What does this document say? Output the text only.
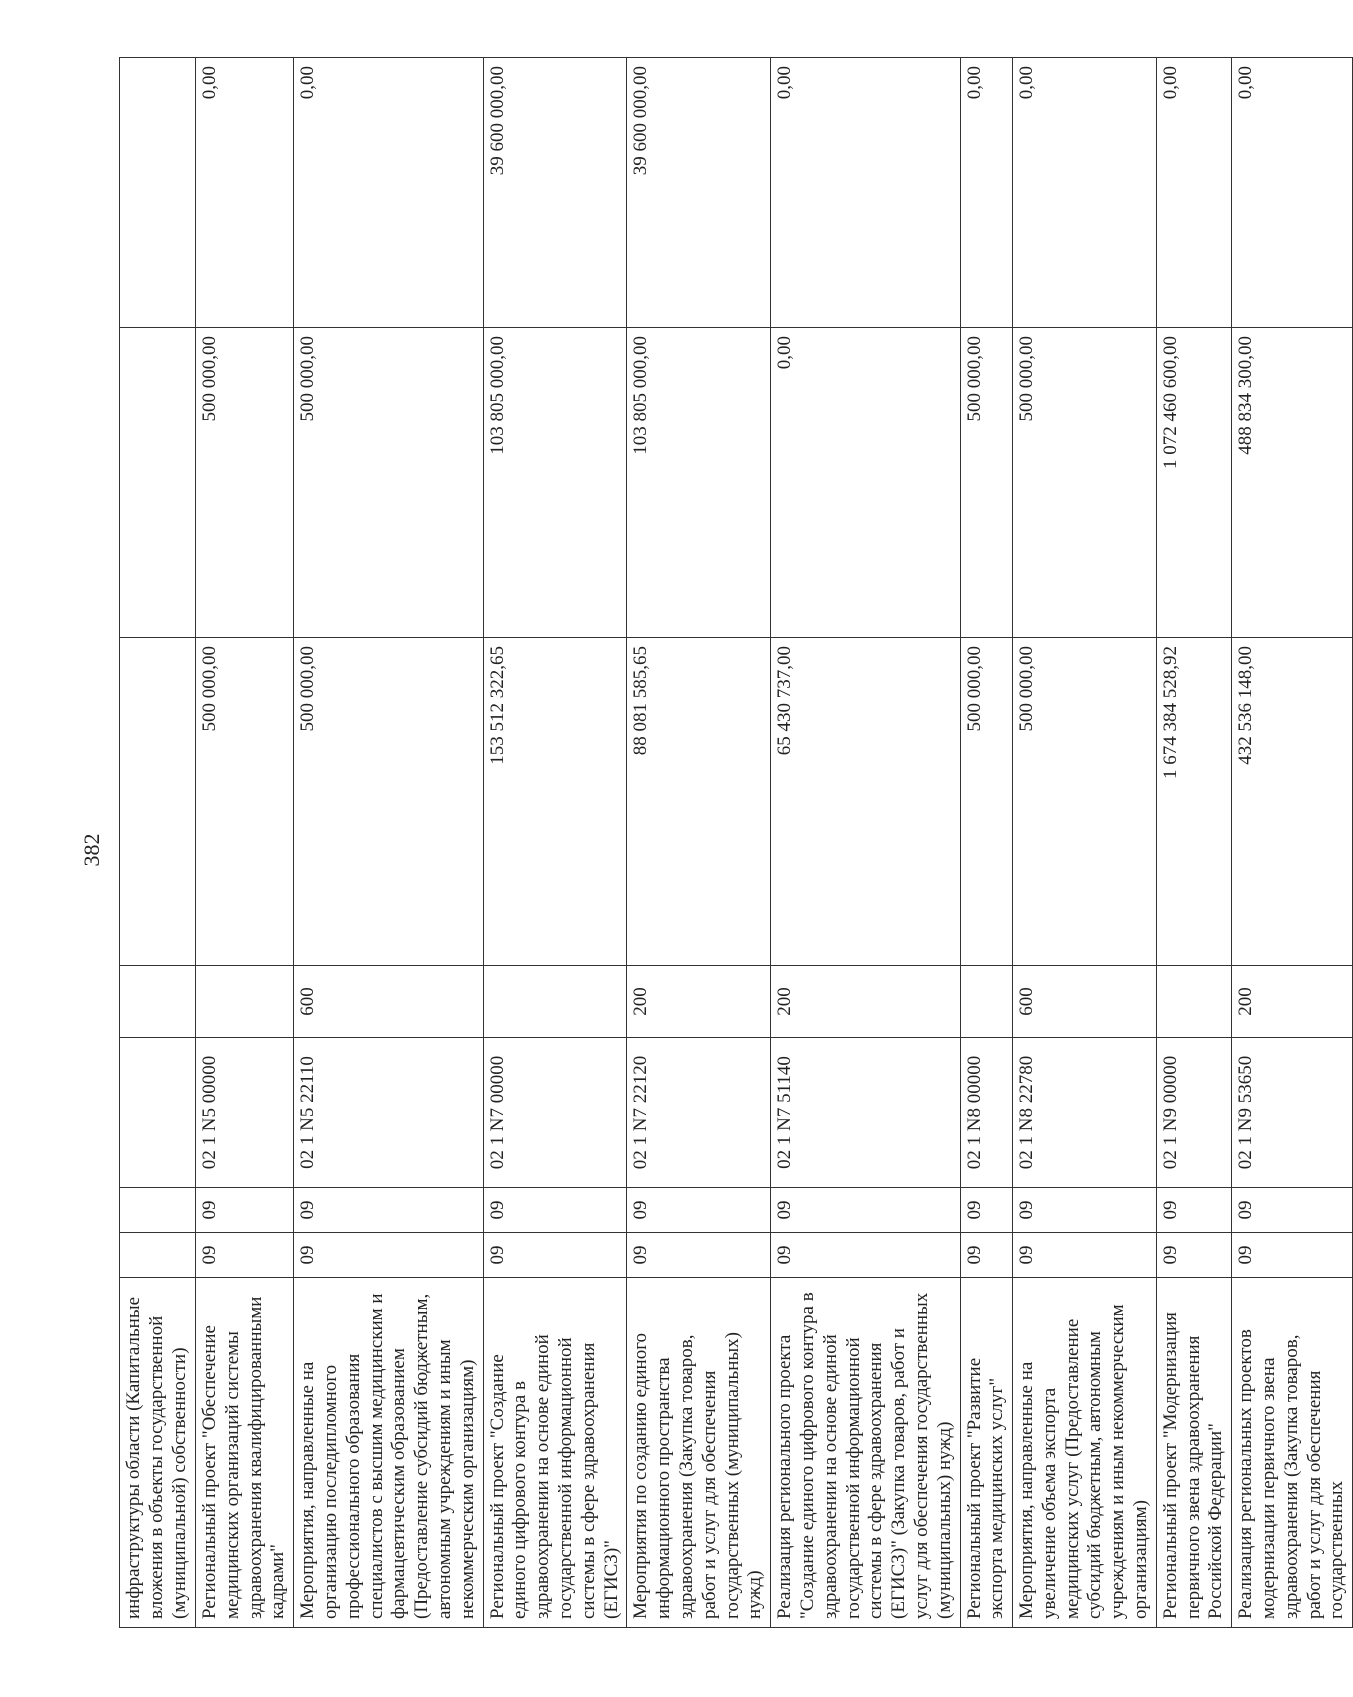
382
инфраструктуры области (Капитальные вложения в объекты государственной (муниципальной) собственности)							
Региональный проект "Обеспечение медицинских организаций системы здравоохранения квалифицированными кадрами"	09	09	02 1 N5 00000		500 000,00	500 000,00	0,00
Мероприятия, направленные на организацию последипломного профессионального образования специалистов с высшим медицинским и фармацевтическим образованием (Предоставление субсидий бюджетным, автономным учреждениям и иным некоммерческим организациям)	09	09	02 1 N5 22110	600	500 000,00	500 000,00	0,00
Региональный проект "Создание единого цифрового контура в здравоохранении на основе единой государственной информационной системы в сфере здравоохранения (ЕГИСЗ)"	09	09	02 1 N7 00000		153 512 322,65	103 805 000,00	39 600 000,00
Мероприятия по созданию единого информационного пространства здравоохранения (Закупка товаров, работ и услуг для обеспечения государственных (муниципальных) нужд)	09	09	02 1 N7 22120	200	88 081 585,65	103 805 000,00	39 600 000,00
Реализация регионального проекта "Создание единого цифрового контура в здравоохранении на основе единой государственной информационной системы в сфере здравоохранения (ЕГИСЗ)" (Закупка товаров, работ и услуг для обеспечения государственных (муниципальных) нужд)	09	09	02 1 N7 51140	200	65 430 737,00	0,00	0,00
Региональный проект "Развитие экспорта медицинских услуг"	09	09	02 1 N8 00000		500 000,00	500 000,00	0,00
Мероприятия, направленные на увеличение объема экспорта медицинских услуг (Предоставление субсидий бюджетным, автономным учреждениям и иным некоммерческим организациям)	09	09	02 1 N8 22780	600	500 000,00	500 000,00	0,00
Региональный проект "Модернизация первичного звена здравоохранения Российской Федерации"	09	09	02 1 N9 00000		1 674 384 528,92	1 072 460 600,00	0,00
Реализация региональных проектов модернизации первичного звена здравоохранения (Закупка товаров, работ и услуг для обеспечения государственных	09	09	02 1 N9 53650	200	432 536 148,00	488 834 300,00	0,00
